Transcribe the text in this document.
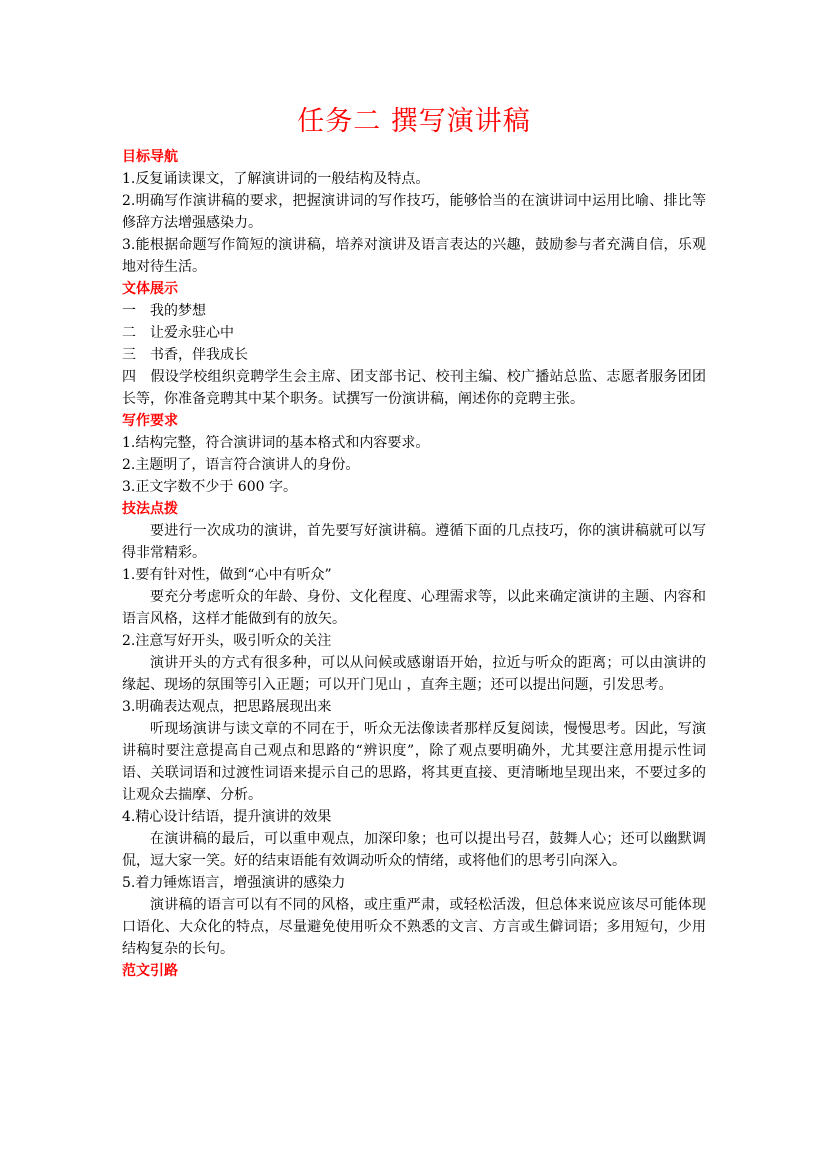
任务二 撰写演讲稿

目标导航

1.反复诵读课文，了解演讲词的一般结构及特点。

2.明确写作演讲稿的要求，把握演讲词的写作技巧，能够恰当的在演讲词中运用比喻、排比等修辞方法增强感染力。

3.能根据命题写作简短的演讲稿，培养对演讲及语言表达的兴趣，鼓励参与者充满自信，乐观地对待生活。

文体展示

一　我的梦想

二　让爱永驻心中

三　书香，伴我成长

四　假设学校组织竞聘学生会主席、团支部书记、校刊主编、校广播站总监、志愿者服务团团长等，你准备竞聘其中某个职务。试撰写一份演讲稿，阐述你的竞聘主张。

写作要求

1.结构完整，符合演讲词的基本格式和内容要求。

2.主题明了，语言符合演讲人的身份。

3.正文字数不少于 600 字。

技法点拨

要进行一次成功的演讲，首先要写好演讲稿。遵循下面的几点技巧，你的演讲稿就可以写得非常精彩。

1.要有针对性，做到“心中有听众”

要充分考虑听众的年龄、身份、文化程度、心理需求等，以此来确定演讲的主题、内容和语言风格，这样才能做到有的放矢。

2.注意写好开头，吸引听众的关注

演讲开头的方式有很多种，可以从问候或感谢语开始，拉近与听众的距离；可以由演讲的缘起、现场的氛围等引入正题；可以开门见山 ，直奔主题；还可以提出问题，引发思考。

3.明确表达观点，把思路展现出来

听现场演讲与读文章的不同在于，听众无法像读者那样反复阅读，慢慢思考。因此，写演讲稿时要注意提高自己观点和思路的“辨识度”，除了观点要明确外，尤其要注意用提示性词语、关联词语和过渡性词语来提示自己的思路，将其更直接、更清晰地呈现出来，不要过多的让观众去揣摩、分析。

4.精心设计结语，提升演讲的效果

在演讲稿的最后，可以重申观点，加深印象；也可以提出号召，鼓舞人心；还可以幽默调侃，逗大家一笑。好的结束语能有效调动听众的情绪，或将他们的思考引向深入。

5.着力锤炼语言，增强演讲的感染力

演讲稿的语言可以有不同的风格，或庄重严肃，或轻松活泼，但总体来说应该尽可能体现口语化、大众化的特点，尽量避免使用听众不熟悉的文言、方言或生僻词语；多用短句，少用结构复杂的长句。

范文引路
